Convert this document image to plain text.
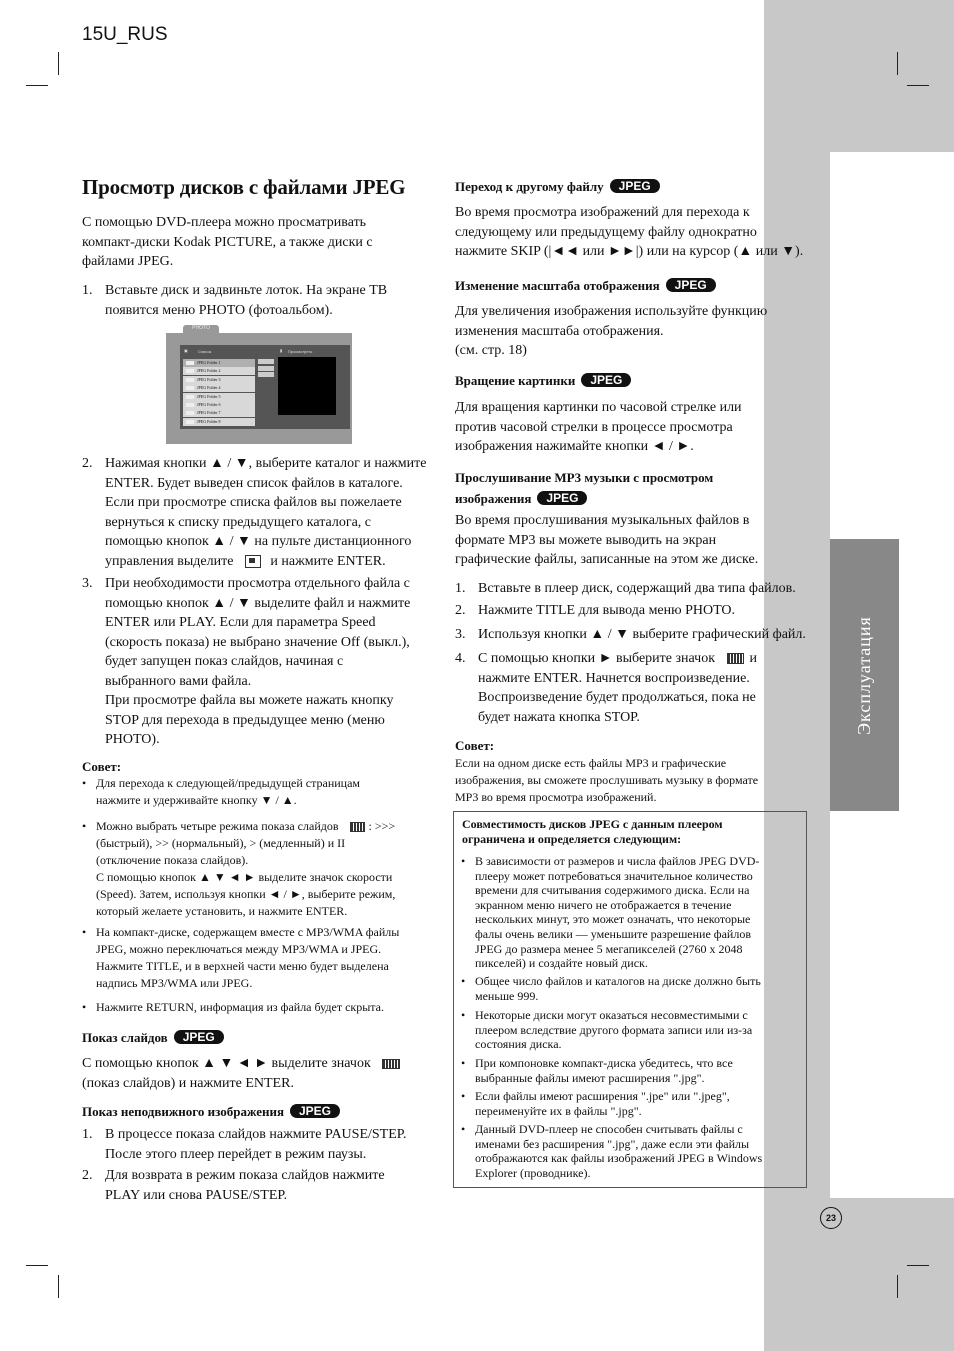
Эксплуатация
15U_RUS
23
Просмотр дисков с файлами JPEG

С помощью DVD-плеера можно просматривать

компакт-диски Kodak PICTURE, а также диски с

файлами JPEG.

1. Вставьте диск и задвиньте лоток. На экране ТВ

появится меню PHOTO (фотоальбом).

PHOTO
▣	Список	▮ Просмотреть
JPEG Folder 1
JPEG Folder 2
JPEG Folder 3
JPEG Folder 4
JPEG Folder 5
JPEG Folder 6
JPEG Folder 7
JPEG Folder 8	▼
2. Нажимая кнопки ▲ / ▼, выберите каталог и нажмите

ENTER. Будет выведен список файлов в каталоге.

Если при просмотре списка файлов вы пожелаете

вернуться к списку предыдущего каталога, с

помощью кнопок ▲ / ▼ на пульте дистанционного

управления выделите	и нажмите ENTER.

3. При необходимости просмотра отдельного файла с

помощью кнопок ▲ / ▼ выделите файл и нажмите

ENTER или PLAY. Если для параметра Speed

(скорость показа) не выбрано значение Off (выкл.),

будет запущен показ слайдов, начиная с

выбранного вами файла.

При просмотре файла вы можете нажать кнопку

STOP для перехода в предыдущее меню (меню

PHOTO).

Совет:
• Для перехода к следующей/предыдущей страницам
нажмите и удерживайте кнопку ▼ / ▲.
• Можно выбрать четыре режима показа слайдов	: >>>
(быстрый), >> (нормальный), > (медленный) и II
(отключение показа слайдов).
С помощью кнопок ▲ ▼ ◄ ► выделите значок скорости
(Speed). Затем, используя кнопки ◄ / ►, выберите режим,
который желаете установить, и нажмите ENTER.
• На компакт-диске, содержащем вместе с MP3/WMA файлы
JPEG, можно переключаться между MP3/WMA и JPEG.
Нажмите TITLE, и в верхней части меню будет выделена
надпись MP3/WMA или JPEG.
• Нажмите RETURN, информация из файла будет скрыта.
Показ слайдов JPEG

С помощью кнопок ▲ ▼ ◄ ► выделите значок

(показ слайдов) и нажмите ENTER.

Показ неподвижного изображения JPEG
1. В процессе показа слайдов нажмите PAUSE/STEP.

После этого плеер перейдет в режим паузы.

2. Для возврата в режим показа слайдов нажмите

PLAY или снова PAUSE/STEP.

Переход к другому файлу JPEG

Во время просмотра изображений для перехода к

следующему или предыдущему файлу однократно

нажмите SKIP (|◄◄ или ►►|) или на курсор (▲ или ▼).

Изменение масштаба отображения JPEG

Для увеличения изображения используйте функцию

изменения масштаба отображения.

(см. стр. 18)

Вращение картинки JPEG

Для вращения картинки по часовой стрелке или

против часовой стрелки в процессе просмотра

изображения нажимайте кнопки ◄ / ►.

Прослушивание MP3 музыки с просмотром
изображения JPEG

Во время прослушивания музыкальных файлов в

формате MP3 вы можете выводить на экран

графические файлы, записанные на этом же диске.

1. Вставьте в плеер диск, содержащий два типа файлов.

2. Нажмите TITLE для вывода меню PHOTO.

3. Используя кнопки ▲ / ▼ выберите графический файл.

4. С помощью кнопки ► выберите значок и

нажмите ENTER. Начнется воспроизведение.

Воспроизведение будет продолжаться, пока не

будет нажата кнопка STOP.

Совет:
Если на одном диске есть файлы MP3 и графические
изображения, вы сможете прослушивать музыку в формате
MP3 во время просмотра изображений.
Совместимость дисков JPEG с данным плеером
ограничена и определяется следующим:
• В зависимости от размеров и числа файлов JPEG DVD-
плееру может потребоваться значительное количество
времени для считывания содержимого диска. Если на
экранном меню ничего не отображается в течение
нескольких минут, это может означать, что некоторые
фалы очень велики — уменьшите разрешение файлов
JPEG до размера менее 5 мегапикселей (2760 x 2048
пикселей) и создайте новый диск.
• Общее число файлов и каталогов на диске должно быть
меньше 999.
• Некоторые диски могут оказаться несовместимыми с
плеером вследствие другого формата записи или из-за
состояния диска.
• При компоновке компакт-диска убедитесь, что все
выбранные файлы имеют расширения ".jpg".
• Если файлы имеют расширения ".jpe" или ".jpeg",
переименуйте их в файлы ".jpg".
• Данный DVD-плеер не способен считывать файлы с
именами без расширения ".jpg", даже если эти файлы
отображаются как файлы изображений JPEG в Windows
Explorer (проводнике).
